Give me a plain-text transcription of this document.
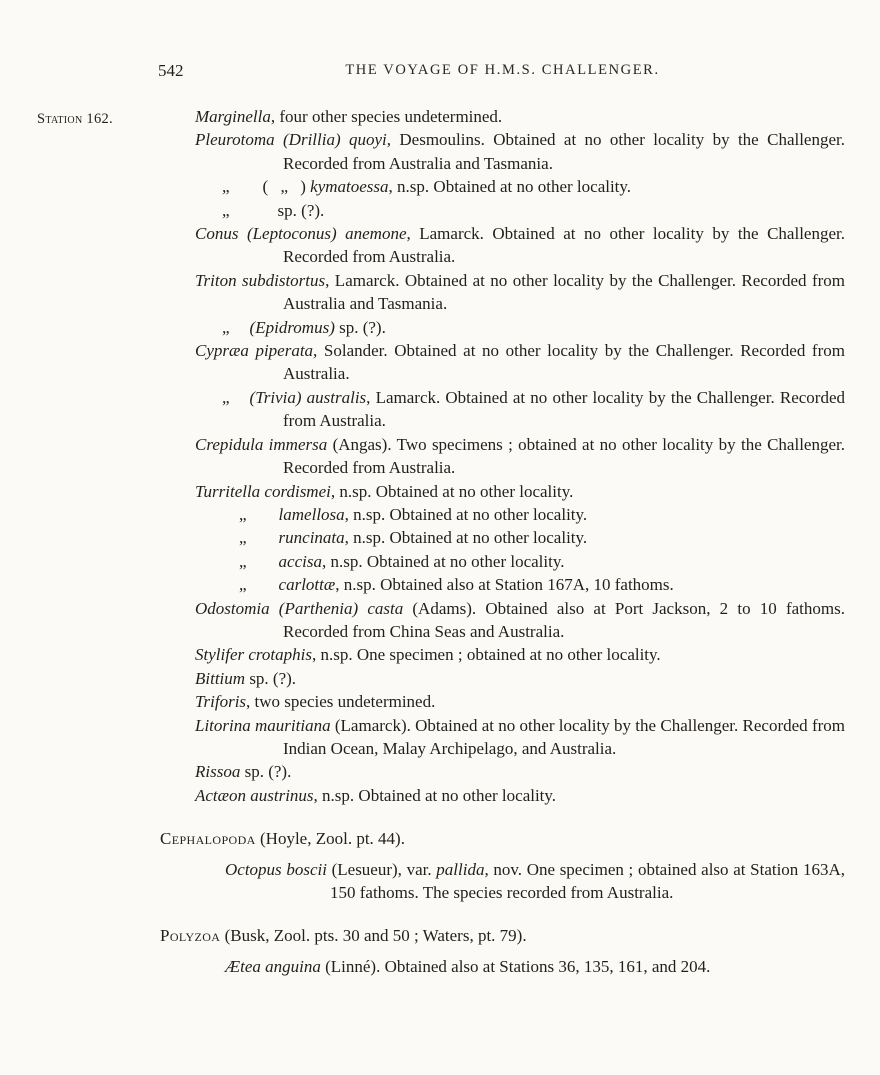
542	THE VOYAGE OF H.M.S. CHALLENGER.
Station 162.	Marginella, four other species undetermined.
Pleurotoma (Drillia) quoyi, Desmoulins. Obtained at no other locality by the Challenger. Recorded from Australia and Tasmania.
„ ( „ ) kymatoessa, n.sp. Obtained at no other locality.
„	sp. (?).
Conus (Leptoconus) anemone, Lamarck. Obtained at no other locality by the Challenger. Recorded from Australia.
Triton subdistortus, Lamarck. Obtained at no other locality by the Challenger. Recorded from Australia and Tasmania.
„ (Epidromus) sp. (?).
Cypræa piperata, Solander. Obtained at no other locality by the Challenger. Recorded from Australia.
„ (Trivia) australis, Lamarck. Obtained at no other locality by the Challenger. Recorded from Australia.
Crepidula immersa (Angas). Two specimens ; obtained at no other locality by the Challenger. Recorded from Australia.
Turritella cordismei, n.sp. Obtained at no other locality.
„ lamellosa, n.sp. Obtained at no other locality.
„ runcinata, n.sp. Obtained at no other locality.
„ accisa, n.sp. Obtained at no other locality.
„ carlottæ, n.sp. Obtained also at Station 167A, 10 fathoms.
Odostomia (Parthenia) casta (Adams). Obtained also at Port Jackson, 2 to 10 fathoms. Recorded from China Seas and Australia.
Stylifer crotaphis, n.sp. One specimen ; obtained at no other locality.
Bittium sp. (?).
Triforis, two species undetermined.
Litorina mauritiana (Lamarck). Obtained at no other locality by the Challenger. Recorded from Indian Ocean, Malay Archipelago, and Australia.
Rissoa sp. (?).
Actæon austrinus, n.sp. Obtained at no other locality.
Cephalopoda (Hoyle, Zool. pt. 44).
Octopus boscii (Lesueur), var. pallida, nov. One specimen ; obtained also at Station 163A, 150 fathoms. The species recorded from Australia.
Polyzoa (Busk, Zool. pts. 30 and 50 ; Waters, pt. 79).
Ætea anguina (Linné). Obtained also at Stations 36, 135, 161, and 204.
